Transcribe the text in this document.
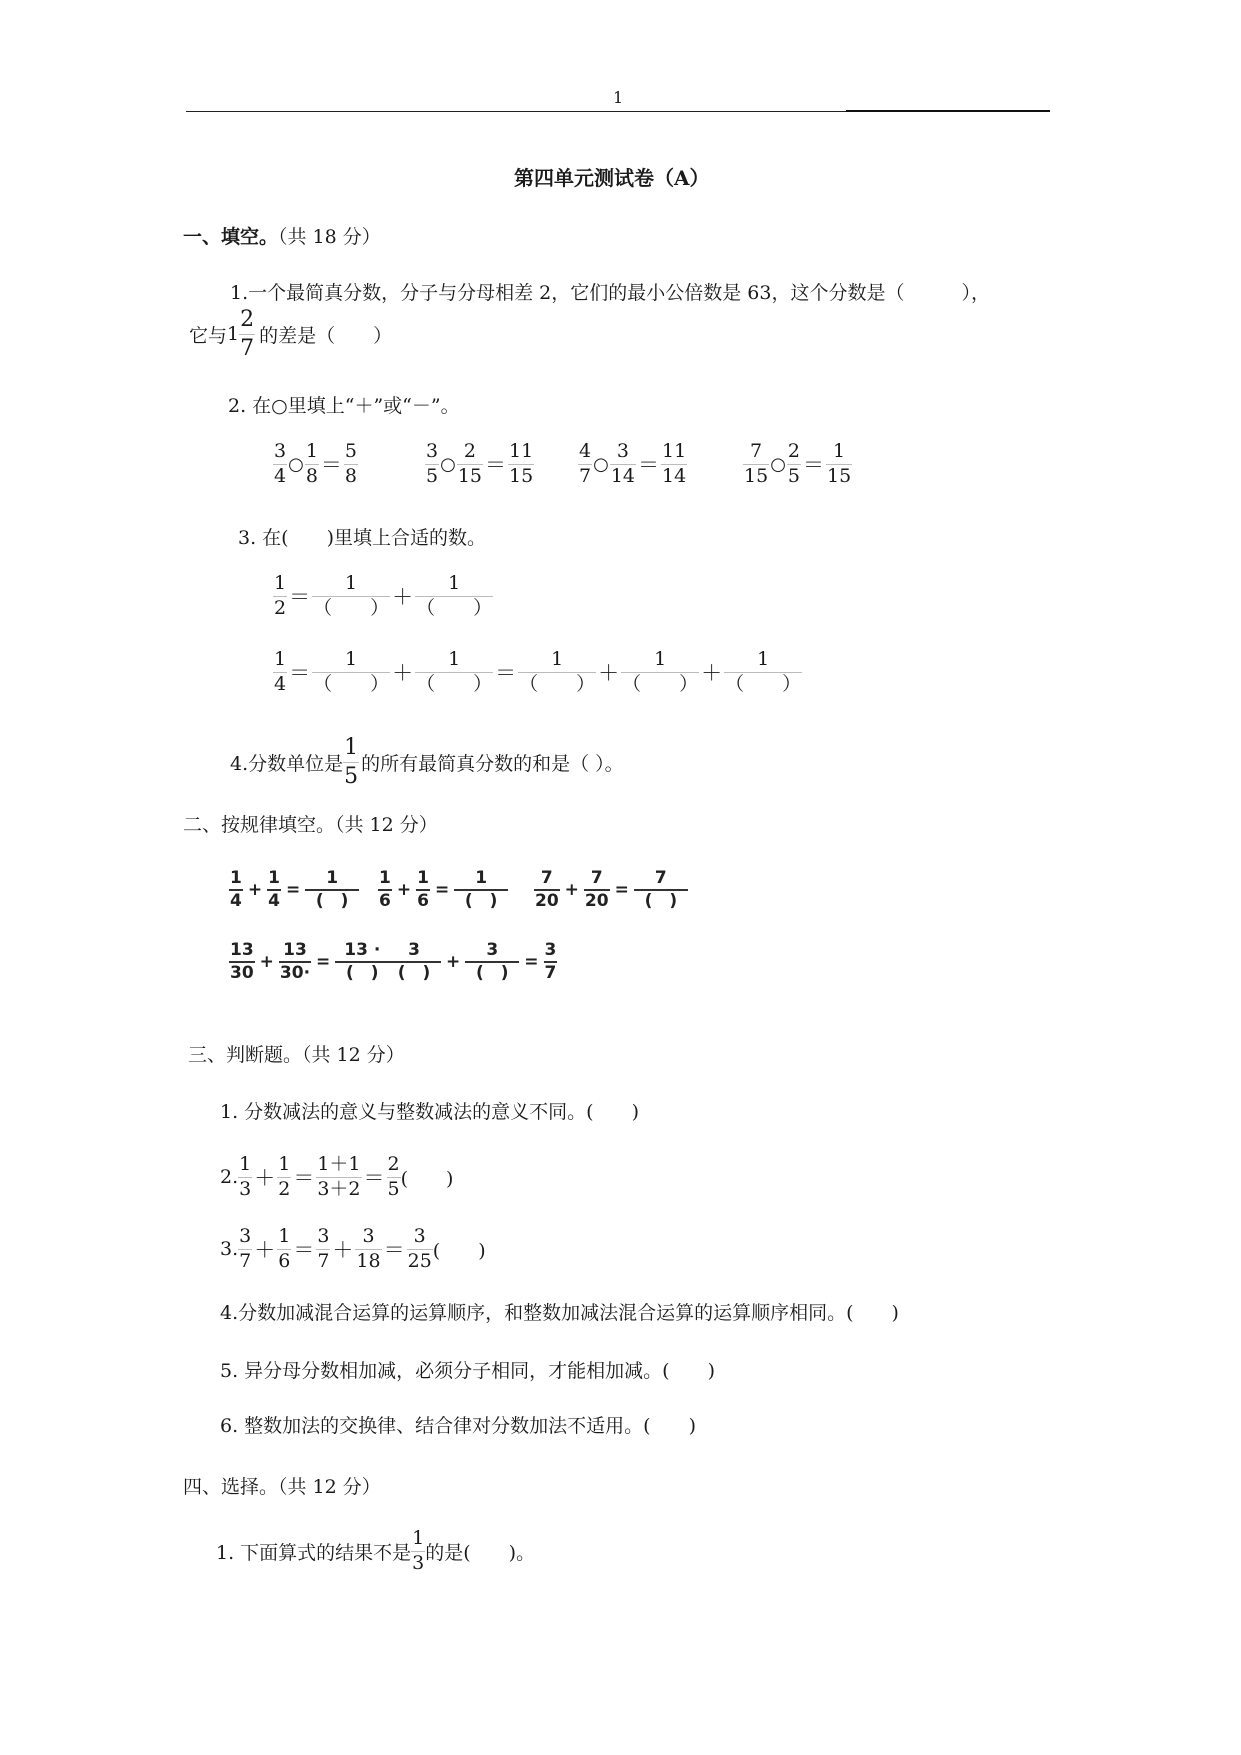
1
第四单元测试卷（A）
一、填空。（共 18 分）
1.一个最简真分数，分子与分母相差 2，它们的最小公倍数是 63，这个分数是（　　　），
它与 $1 \frac{2}{7}$ 的差是（　　）
2. 在○里填上“＋”或“－”。
$\frac{3}{4}$ ○ $\frac{1}{8} = \frac{5}{8}$	$\frac{3}{5}$ ○ $\frac{2}{15} = \frac{11}{15} \frac{4}{7}$ ○ $\frac{3}{14} = \frac{11}{14}$	$\frac{7}{15}$ ○ $\frac{2}{5} = \frac{1}{15}$
3. 在(　　)里填上合适的数。
$\frac{1}{2} = \frac{1}{( )} + \frac{1}{( )}$
$\frac{1}{4} = \frac{1}{( )} + \frac{1}{( )} = \frac{1}{( )} + \frac{1}{( )} + \frac{1}{( )}$
4.分数单位是 $\frac{1}{5}$ 的所有最简真分数的和是（ ）。
二、按规律填空。（共 12 分）
$\frac{1}{4} + \frac{1}{4} = \frac{1}{( )} \frac{1}{6} + \frac{1}{6} = \frac{1}{( )} \frac{7}{20} + \frac{7}{20} = \frac{7}{( )}$
$\frac{13}{30} + \frac{13}{30\cdot} = \frac{13 \cdot}{( )}$
$\frac{3}{( )} + \frac{3}{( )} = \frac{3}{7}$
三、判断题。（共 12 分）
1. 分数减法的意义与整数减法的意义不同。(　　)
2. $\frac{1}{3} + \frac{1}{2} = \frac{1+1}{3+2} = \frac{2}{5}$ (　　)
3. $\frac{3}{7} + \frac{1}{6} = \frac{3}{7} + \frac{3}{18} = \frac{3}{25}$ (　　)
4.分数加减混合运算的运算顺序，和整数加减法混合运算的运算顺序相同。(　　)
5. 异分母分数相加减，必须分子相同，才能相加减。(　　)
6. 整数加法的交换律、结合律对分数加法不适用。(　　)
四、选择。（共 12 分）
1. 下面算式的结果不是 $\frac{1}{3}$ 的是(　　)。
